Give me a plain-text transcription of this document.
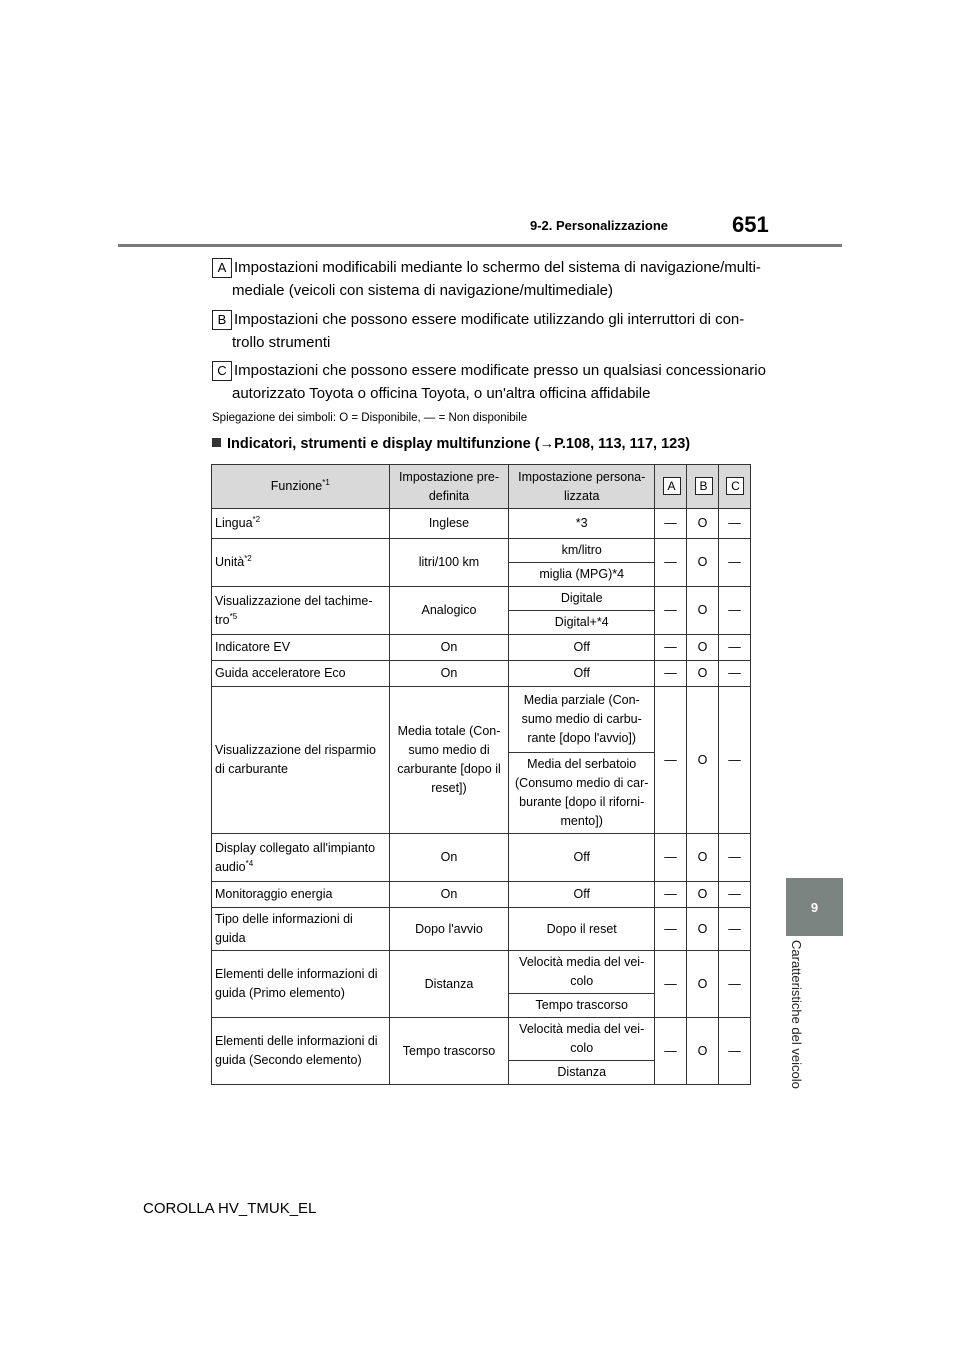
9-2. Personalizzazione	651
9
Caratteristiche del veicolo
A Impostazioni modificabili mediante lo schermo del sistema di navigazione/multi-
mediale (veicoli con sistema di navigazione/multimediale)
B Impostazioni che possono essere modificate utilizzando gli interruttori di con-
trollo strumenti
C Impostazioni che possono essere modificate presso un qualsiasi concessionario
autorizzato Toyota o officina Toyota, o un'altra officina affidabile
Spiegazione dei simboli: O = Disponibile, — = Non disponibile
Indicatori, strumenti e display multifunzione (→P.108, 113, 117, 123)
Funzione$^{*1}$	Impostazione pre-definita	Impostazione persona-lizzata	A	B	C
Lingua$^{*2}$	Inglese	*3	—	O	—
Unità$^{*2}$	litri/100 km	km/litro	—	O	—
		miglia (MPG)*4			
Visualizzazione del tachime-tro$^{*5}$	Analogico	Digitale	—	O	—
		Digital+*4			
Indicatore EV	On	Off	—	O	—
Guida acceleratore Eco	On	Off	—	O	—
Visualizzazione del risparmio di carburante	Media totale (Con-sumo medio di carburante [dopo il reset])	Media parziale (Con-sumo medio di carbu-rante [dopo l'avvio])	—	O	—
		Media del serbatoio (Consumo medio di car-burante [dopo il riforni-mento])			
Display collegato all'impianto audio$^{*4}$	On	Off	—	O	—
Monitoraggio energia	On	Off	—	O	—
Tipo delle informazioni di guida	Dopo l'avvio	Dopo il reset	—	O	—
Elementi delle informazioni di guida (Primo elemento)	Distanza	Velocità media del vei-colo	—	O	—
		Tempo trascorso			
Elementi delle informazioni di guida (Secondo elemento)	Tempo trascorso	Velocità media del vei-colo	—	O	—
		Distanza			
COROLLA HV_TMUK_EL
